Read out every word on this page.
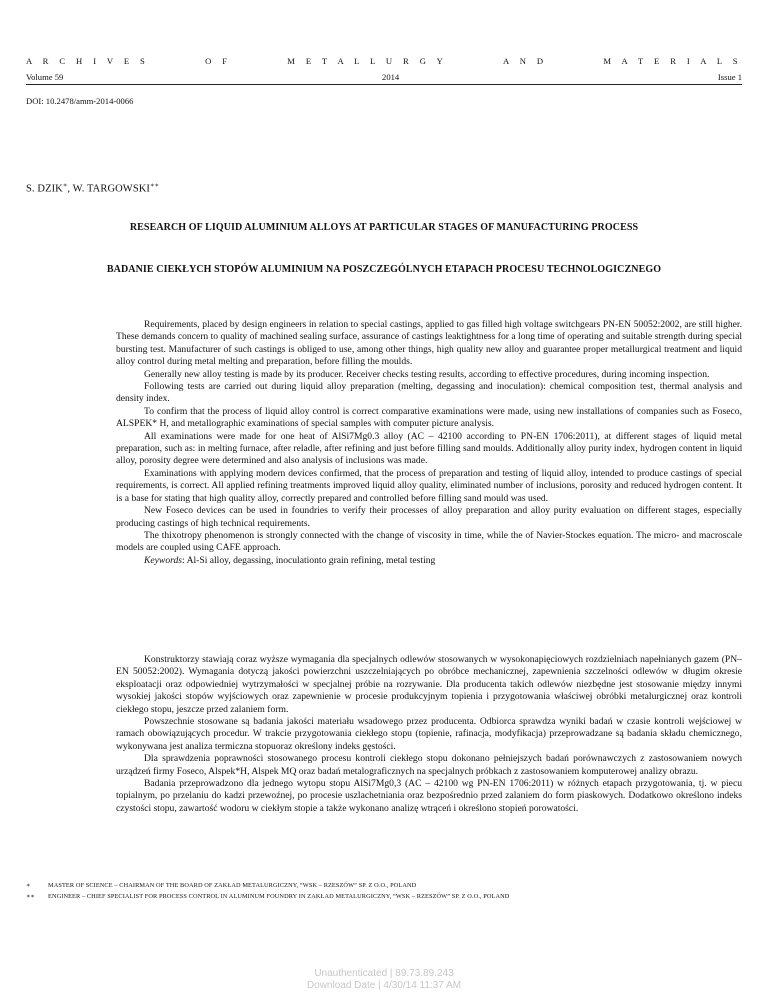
A R C H I V E S	O F	M E T A L L U R G Y	A N D	M A T E R I A L S
Volume 59	2014	Issue 1
DOI: 10.2478/amm-2014-0066
S. DZIK∗, W. TARGOWSKI∗∗
RESEARCH OF LIQUID ALUMINIUM ALLOYS AT PARTICULAR STAGES OF MANUFACTURING PROCESS
BADANIE CIEKŁYCH STOPÓW ALUMINIUM NA POSZCZEGÓLNYCH ETAPACH PROCESU TECHNOLOGICZNEGO

Requirements, placed by design engineers in relation to special castings, applied to gas filled high voltage switchgears PN-EN 50052:2002, are still higher. These demands concern to quality of machined sealing surface, assurance of castings leaktightness for a long time of operating and suitable strength during special bursting test. Manufacturer of such castings is obliged to use, among other things, high quality new alloy and guarantee proper metallurgical treatment and liquid alloy control during metal melting and preparation, before filling the moulds.

Generally new alloy testing is made by its producer. Receiver checks testing results, according to effective procedures, during incoming inspection.

Following tests are carried out during liquid alloy preparation (melting, degassing and inoculation): chemical composition test, thermal analysis and density index.

To confirm that the process of liquid alloy control is correct comparative examinations were made, using new installations of companies such as Foseco, ALSPEK* H, and metallographic examinations of special samples with computer picture analysis.

All examinations were made for one heat of AlSi7Mg0.3 alloy (AC – 42100 according to PN-EN 1706:2011), at different stages of liquid metal preparation, such as: in melting furnace, after reladle, after refining and just before filling sand moulds. Additionally alloy purity index, hydrogen content in liquid alloy, porosity degree were determined and also analysis of inclusions was made.

Examinations with applying modern devices confirmed, that the process of preparation and testing of liquid alloy, intended to produce castings of special requirements, is correct. All applied refining treatments improved liquid alloy quality, eliminated number of inclusions, porosity and reduced hydrogen content. It is a base for stating that high quality alloy, correctly prepared and controlled before filling sand mould was used.

New Foseco devices can be used in foundries to verify their processes of alloy preparation and alloy purity evaluation on different stages, especially producing castings of high technical requirements.

The thixotropy phenomenon is strongly connected with the change of viscosity in time, while the of Navier-Stockes equation. The micro- and macroscale models are coupled using CAFE approach.

Keywords: Al-Si alloy, degassing, inoculationto grain refining, metal testing

Konstruktorzy stawiają coraz wyższe wymagania dla specjalnych odlewów stosowanych w wysokonapięciowych rozdzielniach napełnianych gazem (PN–EN 50052:2002). Wymagania dotyczą jakości powierzchni uszczelniających po obróbce mechanicznej, zapewnienia szczelności odlewów w długim okresie eksploatacji oraz odpowiedniej wytrzymałości w specjalnej próbie na rozrywanie. Dla producenta takich odlewów niezbędne jest stosowanie między innymi wysokiej jakości stopów wyjściowych oraz zapewnienie w procesie produkcyjnym topienia i przygotowania właściwej obróbki metalurgicznej oraz kontroli ciekłego stopu, jeszcze przed zalaniem form.

Powszechnie stosowane są badania jakości materiału wsadowego przez producenta. Odbiorca sprawdza wyniki badań w czasie kontroli wejściowej w ramach obowiązujących procedur. W trakcie przygotowania ciekłego stopu (topienie, rafinacja, modyfikacja) przeprowadzane są badania składu chemicznego, wykonywana jest analiza termiczna stopuoraz określony indeks gęstości.

Dla sprawdzenia poprawności stosowanego procesu kontroli ciekłego stopu dokonano pełniejszych badań porównawczych z zastosowaniem nowych urządzeń firmy Foseco, Alspek*H, Alspek MQ oraz badań metalograficznych na specjalnych próbkach z zastosowaniem komputerowej analizy obrazu.

Badania przeprowadzono dla jednego wytopu stopu AlSi7Mg0,3 (AC – 42100 wg PN-EN 1706:2011) w różnych etapach przygotowania, tj. w piecu topialnym, po przelaniu do kadzi przewoźnej, po procesie uszlachetniania oraz bezpośrednio przed zalaniem do form piaskowych. Dodatkowo określono indeks czystości stopu, zawartość wodoru w ciekłym stopie a także wykonano analizę wtrąceń i określono stopień porowatości.

∗	MASTER OF SCIENCE – CHAIRMAN OF THE BOARD OF ZAKŁAD METALURGICZNY, “WSK – RZESZÓW” SP. Z O.O., POLAND
∗∗	ENGINEER – CHIEF SPECIALIST FOR PROCESS CONTROL IN ALUMINUM FOUNDRY IN ZAKŁAD METALURGICZNY, “WSK – RZESZÓW” SP. Z O.O., POLAND
Unauthenticated | 89.73.89.243
Download Date | 4/30/14 11:37 AM
